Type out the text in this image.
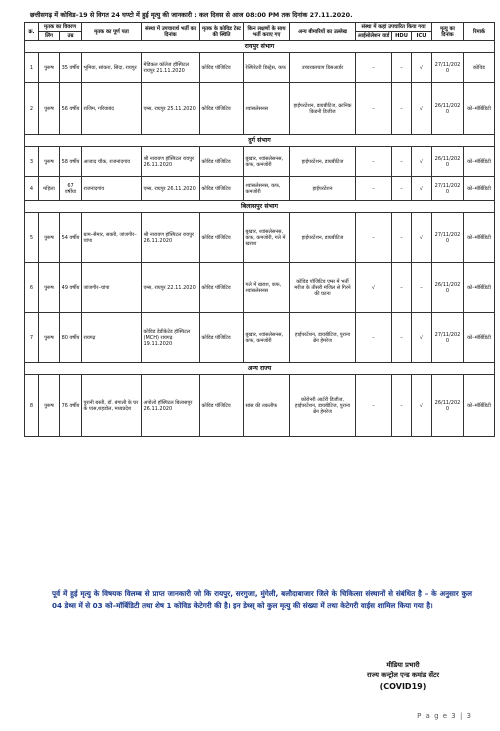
छत्तीसगढ़ में कोविड–19 से विगत 24 घण्टो में हुई मृत्यु की जानकारी : कल दिवस से आज 08:00 PM तक दिनांक 27.11.2020.
क्र.	मृतक का विवरण		मृतक का पूर्ण पता	संस्था में उपचारार्थ भर्ती का दिनांक	मृतक के कोविड टेस्ट की स्थिति	किन लक्षणों के साथ भर्ती कराए गए	अन्य बीमारियों का उल्लेख	संस्था में कहां उपचारित किया गया			मृत्यु का दिनांक	रिमार्क
	लिंग	उम्र						आईसोलेशन वार्ड	HDU	ICU		
रायपुर संभाग												
1	पुरूष	35 वर्षीय	भूमिया, सांकरा, सिंदा, रायपुर	मेडिकल कॉलेज हॉस्पिटल रायपुर 21.11.2020	कोविड पॉजिटिव	रेस्पिरेटरी डिस्ट्रेस, कफ	उच्चरक्तचाप डिसआर्डर	–	–	√	27/11/2020	कोविड
2	पुरूष	56 वर्षीय	राजिम, गरियाबंद	एम्स, रायपुर 25.11.2020	कोविड पॉजिटिव	श्वांसलेसनस	हाईपरटेंशन, डायबीटिज, क्रानिक किडनी डिजीज	–	–	√	26/11/2020	को–मॉर्बिडिटी
दुर्ग संभाग												
3	पुरूष	58 वर्षीय	आजाद चौक, राजनांदगांव	श्री नारायण हॉस्पिटल रायपुर 26.11.2020	कोविड पॉजिटिव	बुखार, श्वांसलेसनस, कफ, कमजोरी	हाईपरटेंशन, डायबीटिज	–	–	√	26/11/2020	को–मॉर्बिडिटी
4	महिला	67 वर्षीया	राजनांदगांव	एम्स, रायपुर 26.11.2020	कोविड पॉजिटिव	श्वांसलेसनस, कफ, कमजोरी	हाईपरटेंशन	–	–	√	27/11/2020	को–मॉर्बिडिटी
बिलासपुर संभाग												
5	पुरूष	54 वर्षीय	ग्राम–सैमार, सक्ती, जांजगीर–चांपा	श्री नारायण हॉस्पिटल रायपुर 26.11.2020	कोविड पॉजिटिव	बुखार, श्वांसलेसनस, कफ, कमजोरी, गले में खराश	हाईपरटेंशन, डायबीटिज	–	–	√	27/11/2020	को–मॉर्बिडिटी
6	पुरूष	49 वर्षीय	जांजगीर–चांपा	एम्स, रायपुर 22.11.2020	कोविड पॉजिटिव	गले में खराश, कफ, श्वांसलेसनस	कोविड पॉजिटिव एम्स में भर्ती मरीज के तीसरी मंजिल से गिरने की घटना	√	–	–	26/11/2020	को–मॉर्बिडिटी
7	पुरूष	80 वर्षीय	रायगढ़	कोविड डेडीकेटेड हॉस्पिटल (MCH) रायगढ़ 19.11.2020	कोविड पॉजिटिव	बुखार, श्वांसलेसनस, कफ, कमजोरी	हाईपरटेंशन, डायबीटिज, पुराना ब्रेन हेमरेज	–	–	√	27/11/2020	को–मॉर्बिडिटी
अन्य राज्य												
8	पुरूष	76 वर्षीय	पुरानी बस्ती, डॉ. बंगाली के घर के पास,शहडोल, मध्यप्रदेश	अपोलो हॉस्पिटल बिलासपुर 26.11.2020	कोविड पॉजिटिव	सांस की तकलीफ	कोरोनरी आर्टरी डिजीज, हाईपरटेंशन, डायबीटिज, पुराना ब्रेन हेमरेज	–	–	√	26/11/2020	को–मॉर्बिडिटी
पूर्व में हुई मृत्यु के विषयक विलम्ब से प्राप्त जानकारी जो कि रायपुर, सरगुजा, मुंगेली, बलौदाबाजार जिले के चिकित्सा संस्थानों से संबंधित है – के अनुसार कुल 04 डेथ्स में से 03 को–मॉर्बिडिटी तथा शेष 1 कोविड केटेगरी की है। इन डेथ्स् को कुल मृत्यु की संख्या में तथा केटेगरी वाईस शामिल किया गया है।
मीडिया प्रभारी
राज्य कन्ट्रोल एन्ड कमांड सेंटर
(COVID19)
P a g e 3 | 3
